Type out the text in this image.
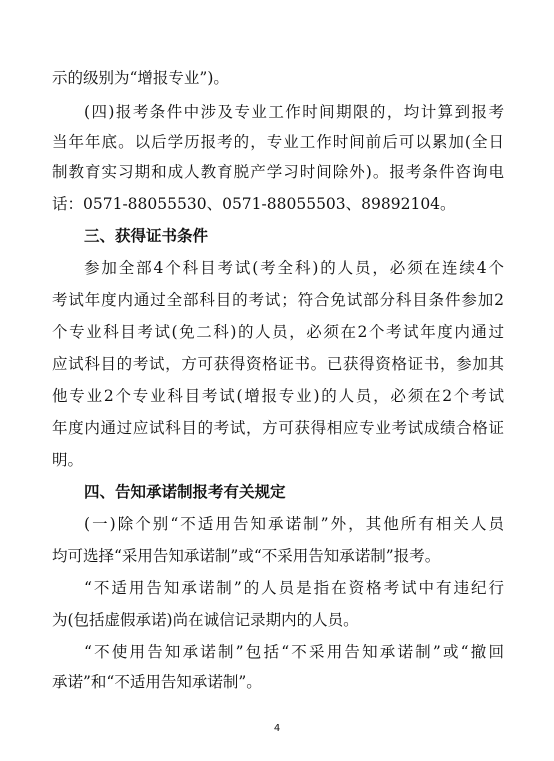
示的级别为“增报专业”)。
(四)报考条件中涉及专业工作时间期限的，均计算到报考
当年年底。以后学历报考的，专业工作时间前后可以累加(全日
制教育实习期和成人教育脱产学习时间除外)。报考条件咨询电
话：0571-88055530、0571-88055503、89892104。
三、获得证书条件
参加全部4个科目考试(考全科)的人员，必须在连续4个
考试年度内通过全部科目的考试；符合免试部分科目条件参加2
个专业科目考试(免二科)的人员，必须在2个考试年度内通过
应试科目的考试，方可获得资格证书。已获得资格证书，参加其
他专业2个专业科目考试(增报专业)的人员，必须在2个考试
年度内通过应试科目的考试，方可获得相应专业考试成绩合格证
明。
四、告知承诺制报考有关规定
(一)除个别“不适用告知承诺制”外，其他所有相关人员
均可选择“采用告知承诺制”或“不采用告知承诺制”报考。
“不适用告知承诺制”的人员是指在资格考试中有违纪行
为(包括虚假承诺)尚在诚信记录期内的人员。
“不使用告知承诺制”包括“不采用告知承诺制”或“撤回
承诺”和“不适用告知承诺制”。
4
